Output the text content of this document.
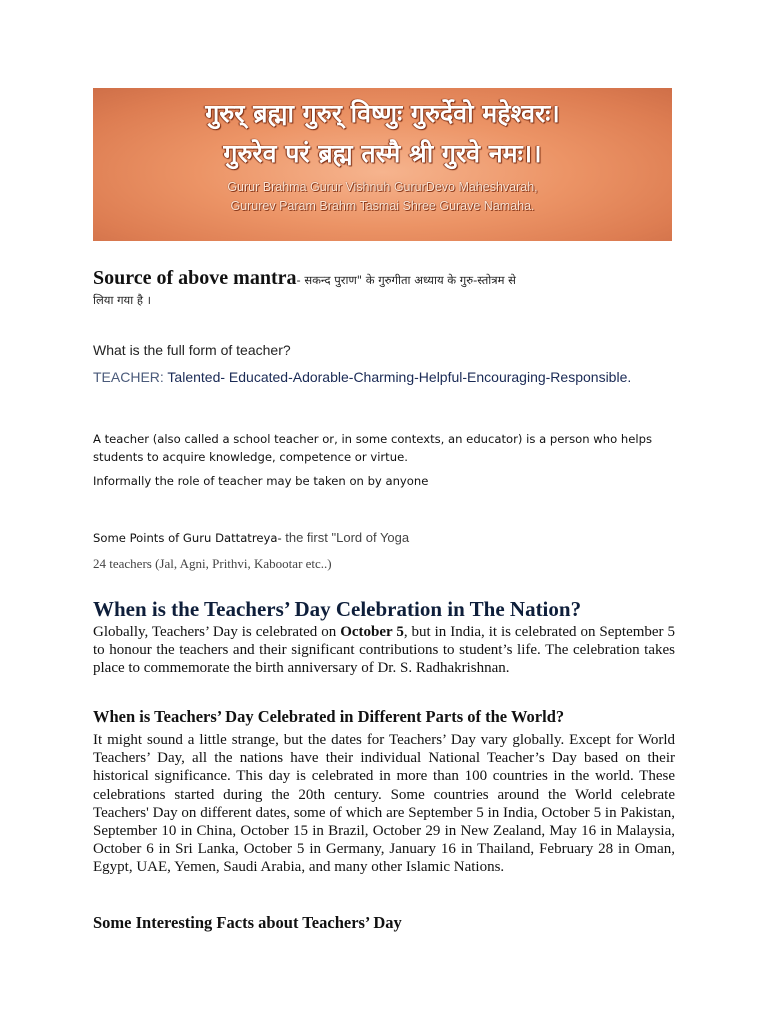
गुरुर् ब्रह्मा गुरुर् विष्णुः गुरुर्देवो महेश्वरः।
गुरुरेव परं ब्रह्म तस्मै श्री गुरवे नमः।।
Gurur Brahma Gurur Vishnuh GururDevo Maheshvarah,
Gururev Param Brahm Tasmai Shree Gurave Namaha.
Source of above mantra- सकन्द पुराण" के गुरुगीता अध्याय के गुरु-स्तोत्रम से
लिया गया है ।

What is the full form of teacher?

TEACHER: Talented- Educated-Adorable-Charming-Helpful-Encouraging-Responsible.

A teacher (also called a school teacher or, in some contexts, an educator) is a person who helps students to acquire knowledge, competence or virtue.

Informally the role of teacher may be taken on by anyone

Some Points of Guru Dattatreya- the first "Lord of Yoga

24 teachers (Jal, Agni, Prithvi, Kabootar etc..)

When is the Teachers’ Day Celebration in The Nation?

Globally, Teachers’ Day is celebrated on October 5, but in India, it is celebrated on September 5 to honour the teachers and their significant contributions to student’s life. The celebration takes place to commemorate the birth anniversary of Dr. S. Radhakrishnan.

When is Teachers’ Day Celebrated in Different Parts of the World?

It might sound a little strange, but the dates for Teachers’ Day vary globally. Except for World Teachers’ Day, all the nations have their individual National Teacher’s Day based on their historical significance. This day is celebrated in more than 100 countries in the world. These celebrations started during the 20th century. Some countries around the World celebrate Teachers' Day on different dates, some of which are September 5 in India, October 5 in Pakistan, September 10 in China, October 15 in Brazil, October 29 in New Zealand, May 16 in Malaysia, October 6 in Sri Lanka, October 5 in Germany, January 16 in Thailand, February 28 in Oman, Egypt, UAE, Yemen, Saudi Arabia, and many other Islamic Nations.

Some Interesting Facts about Teachers’ Day
